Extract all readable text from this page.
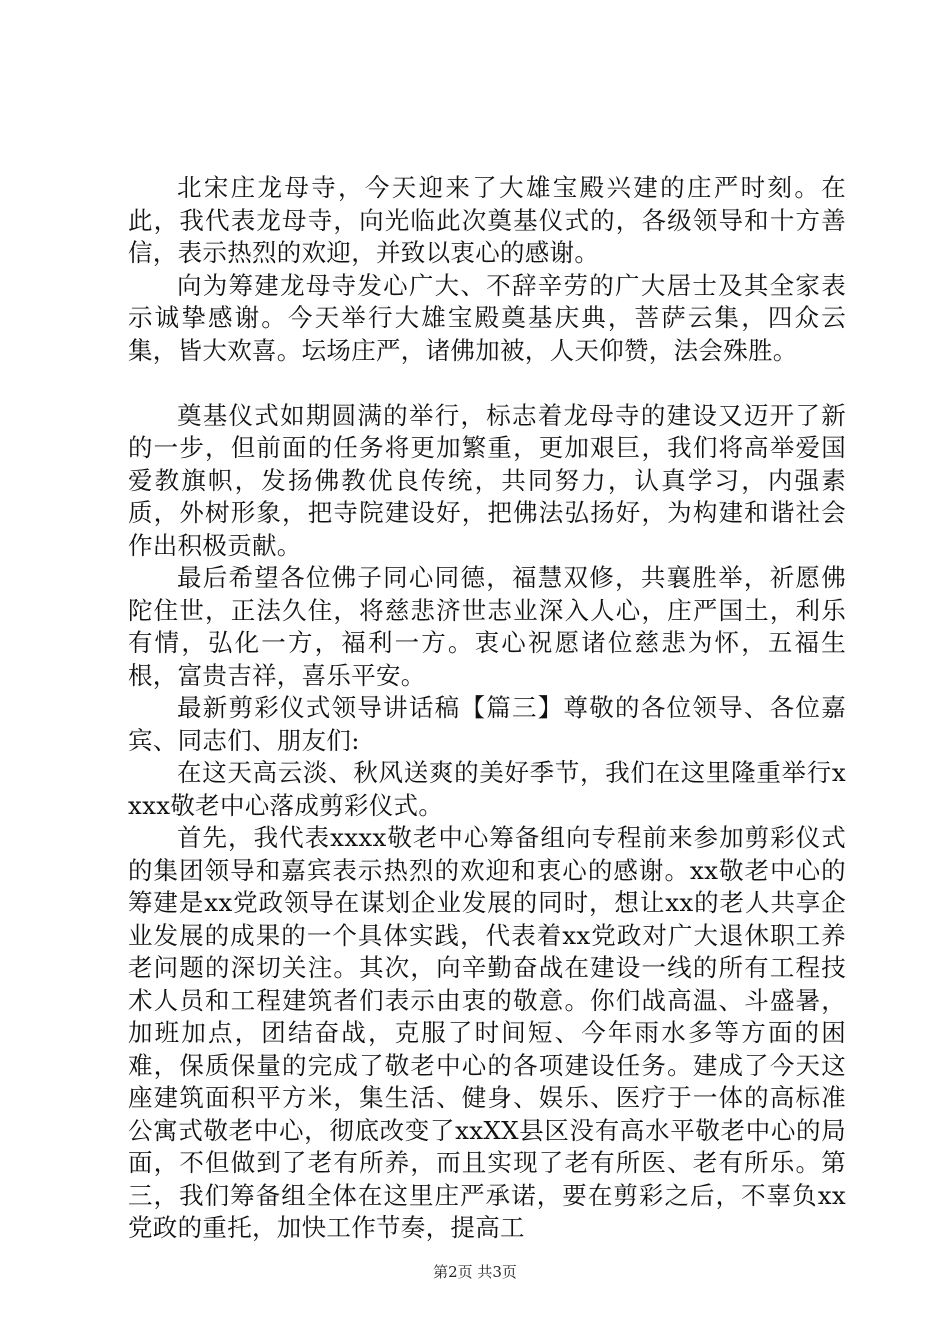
北宋庄龙母寺，今天迎来了大雄宝殿兴建的庄严时刻。在此，我代表龙母寺，向光临此次奠基仪式的，各级领导和十方善信，表示热烈的欢迎，并致以衷心的感谢。

向为筹建龙母寺发心广大、不辞辛劳的广大居士及其全家表示诚挚感谢。今天举行大雄宝殿奠基庆典，菩萨云集，四众云集，皆大欢喜。坛场庄严，诸佛加被，人天仰赞，法会殊胜。

奠基仪式如期圆满的举行，标志着龙母寺的建设又迈开了新的一步，但前面的任务将更加繁重，更加艰巨，我们将高举爱国爱教旗帜，发扬佛教优良传统，共同努力，认真学习，内强素质，外树形象，把寺院建设好，把佛法弘扬好，为构建和谐社会作出积极贡献。

最后希望各位佛子同心同德，福慧双修，共襄胜举，祈愿佛陀住世，正法久住，将慈悲济世志业深入人心，庄严国土，利乐有情，弘化一方，福利一方。衷心祝愿诸位慈悲为怀，五福生根，富贵吉祥，喜乐平安。

最新剪彩仪式领导讲话稿【篇三】尊敬的各位领导、各位嘉宾、同志们、朋友们:

在这天高云淡、秋风送爽的美好季节，我们在这里隆重举行xxxx敬老中心落成剪彩仪式。

首先，我代表xxxx敬老中心筹备组向专程前来参加剪彩仪式的集团领导和嘉宾表示热烈的欢迎和衷心的感谢。xx敬老中心的筹建是xx党政领导在谋划企业发展的同时，想让xx的老人共享企业发展的成果的一个具体实践，代表着xx党政对广大退休职工养老问题的深切关注。其次，向辛勤奋战在建设一线的所有工程技术人员和工程建筑者们表示由衷的敬意。你们战高温、斗盛暑，加班加点，团结奋战，克服了时间短、今年雨水多等方面的困难，保质保量的完成了敬老中心的各项建设任务。建成了今天这座建筑面积平方米，集生活、健身、娱乐、医疗于一体的高标准公寓式敬老中心，彻底改变了xxXX县区没有高水平敬老中心的局面，不但做到了老有所养，而且实现了老有所医、老有所乐。第三，我们筹备组全体在这里庄严承诺，要在剪彩之后，不辜负xx党政的重托，加快工作节奏，提高工

第2页 共3页
